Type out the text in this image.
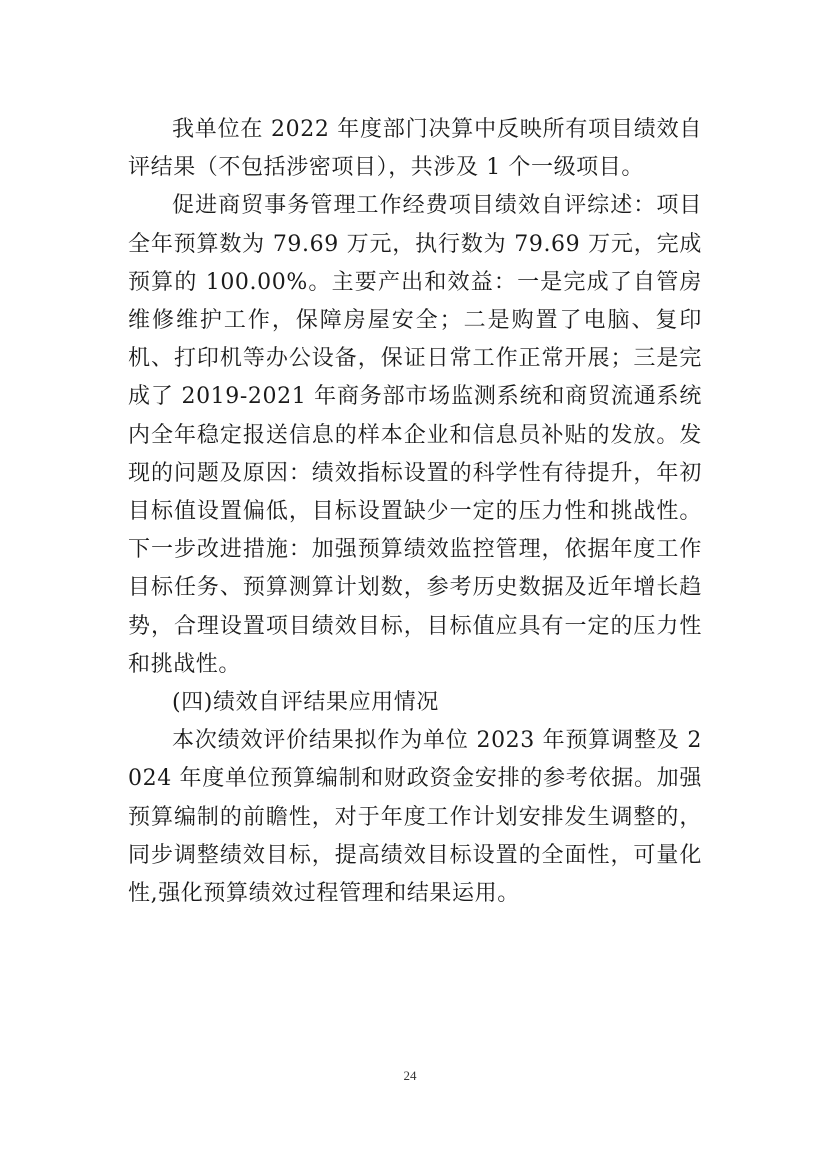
我单位在 2022 年度部门决算中反映所有项目绩效自评结果（不包括涉密项目），共涉及 1 个一级项目。

促进商贸事务管理工作经费项目绩效自评综述：项目全年预算数为 79.69 万元，执行数为 79.69 万元，完成预算的 100.00%。主要产出和效益：一是完成了自管房维修维护工作，保障房屋安全；二是购置了电脑、复印机、打印机等办公设备，保证日常工作正常开展；三是完成了 2019-2021 年商务部市场监测系统和商贸流通系统内全年稳定报送信息的样本企业和信息员补贴的发放。发现的问题及原因：绩效指标设置的科学性有待提升，年初目标值设置偏低，目标设置缺少一定的压力性和挑战性。下一步改进措施：加强预算绩效监控管理，依据年度工作目标任务、预算测算计划数，参考历史数据及近年增长趋势，合理设置项目绩效目标，目标值应具有一定的压力性和挑战性。

(四)绩效自评结果应用情况

本次绩效评价结果拟作为单位 2023 年预算调整及 2024 年度单位预算编制和财政资金安排的参考依据。加强预算编制的前瞻性，对于年度工作计划安排发生调整的，同步调整绩效目标，提高绩效目标设置的全面性，可量化性,强化预算绩效过程管理和结果运用。

24
